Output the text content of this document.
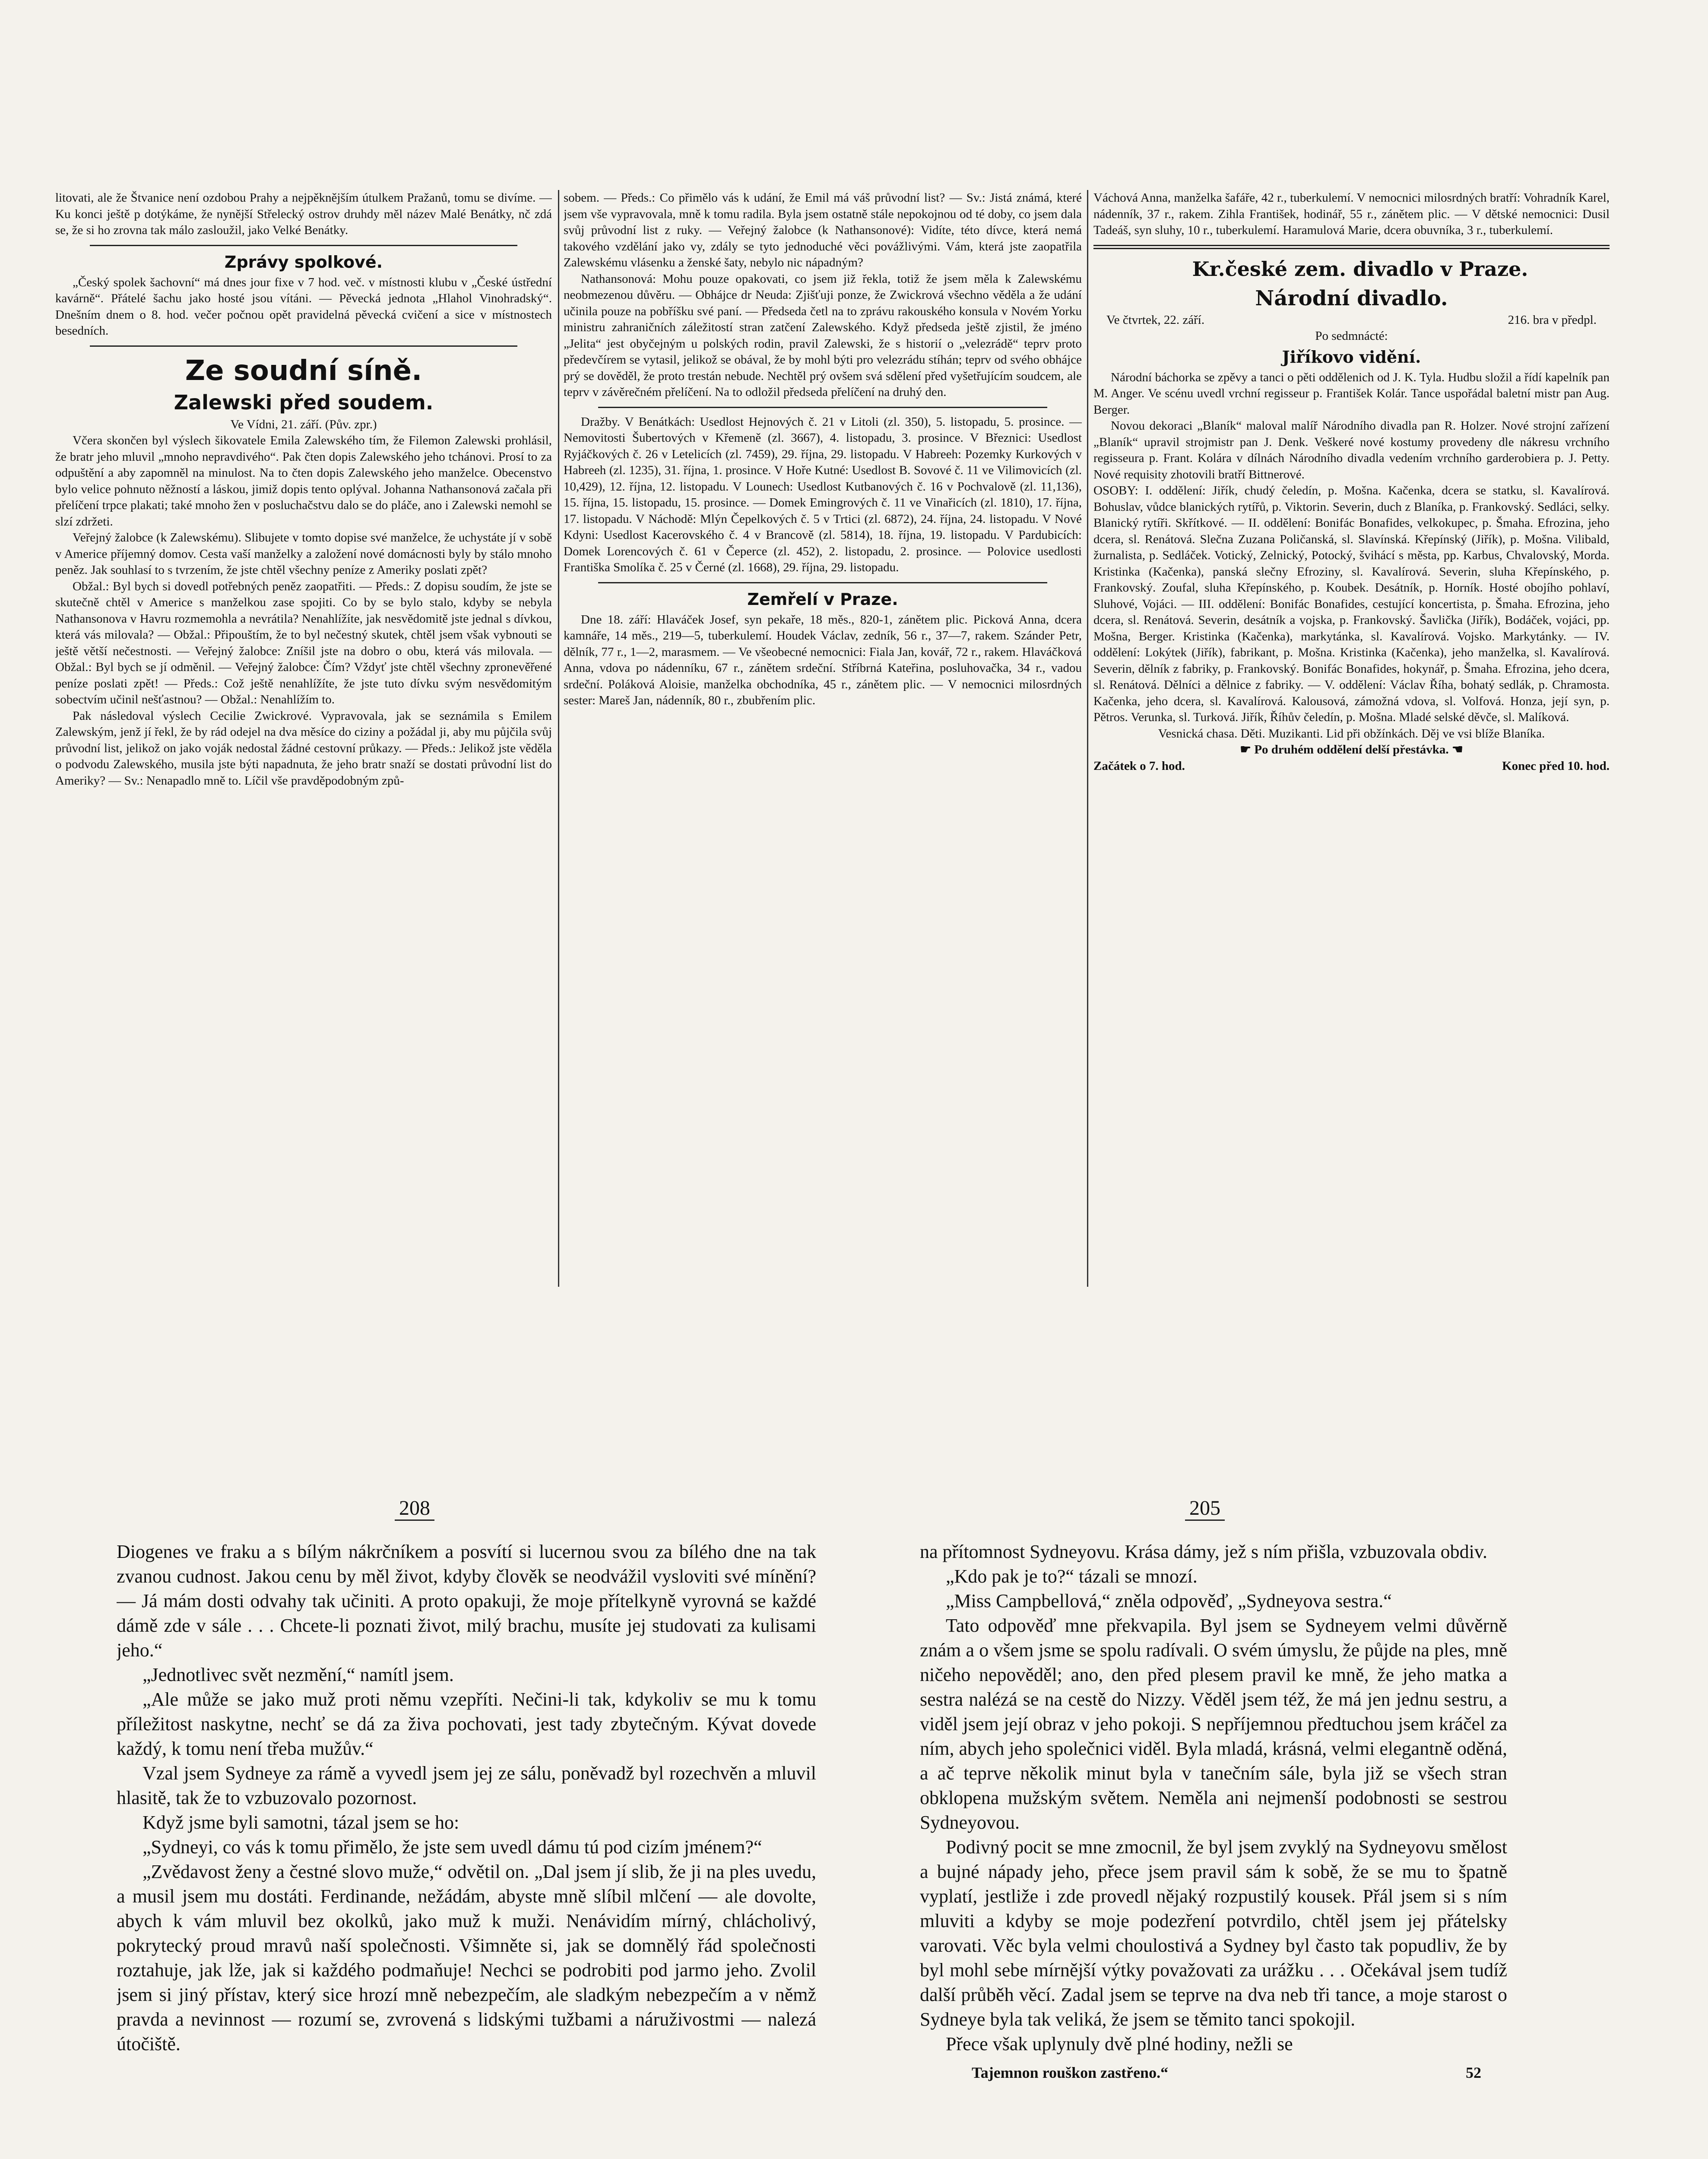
litovati, ale že Štvanice není ozdobou Prahy a nejpěknějším útulkem Pražanů, tomu se divíme. — Ku konci ještě p dotýkáme, že nynější Střelecký ostrov druhdy měl název Malé Benátky, nč zdá se, že si ho zrovna tak málo zasloužil, jako Velké Benátky.

Zprávy spolkové.

„Český spolek šachovní“ má dnes jour fixe v 7 hod. več. v místnosti klubu v „České ústřední kavárně“. Přátelé šachu jako hosté jsou vítáni. — Pěvecká jednota „Hlahol Vinohradský“. Dnešním dnem o 8. hod. večer počnou opět pravidelná pěvecká cvičení a sice v místnostech besedních.

Ze soudní síně.
Zalewski před soudem.

Ve Vídni, 21. září. (Pův. zpr.)

Včera skončen byl výslech šikovatele Emila Zalewského tím, že Filemon Zalewski prohlásil, že bratr jeho mluvil „mnoho nepravdivého“. Pak čten dopis Zalewského jeho tchánovi. Prosí to za odpuštění a aby zapomněl na minulost. Na to čten dopis Zalewského jeho manželce. Obecenstvo bylo velice pohnuto něžností a láskou, jimiž dopis tento oplýval. Johanna Nathansonová začala při přelíčení trpce plakati; také mnoho žen v posluchačstvu dalo se do pláče, ano i Zalewski nemohl se slzí zdržeti.

Veřejný žalobce (k Zalewskému). Slibujete v tomto dopise své manželce, že uchystáte jí v sobě v Americe příjemný domov. Cesta vaší manželky a založení nové domácnosti byly by stálo mnoho peněz. Jak souhlasí to s tvrzením, že jste chtěl všechny peníze z Ameriky poslati zpět?

Obžal.: Byl bych si dovedl potřebných peněz zaopatřiti. — Předs.: Z dopisu soudím, že jste se skutečně chtěl v Americe s manželkou zase spojiti. Co by se bylo stalo, kdyby se nebyla Nathansonova v Havru rozmemohla a nevrátila? Nenahlížíte, jak nesvědomitě jste jednal s dívkou, která vás milovala? — Obžal.: Připouštím, že to byl nečestný skutek, chtěl jsem však vybnouti se ještě větší nečestnosti. — Veřejný žalobce: Zníšil jste na dobro o obu, která vás milovala. — Obžal.: Byl bych se jí odměnil. — Veřejný žalobce: Čím? Vždyť jste chtěl všechny zpronevěřené peníze poslati zpět! — Předs.: Což ještě nenahlížíte, že jste tuto dívku svým nesvědomitým sobectvím učinil nešťastnou? — Obžal.: Nenahlížím to.

Pak následoval výslech Cecilie Zwickrové. Vypravovala, jak se seznámila s Emilem Zalewským, jenž jí řekl, že by rád odejel na dva měsíce do ciziny a požádal ji, aby mu půjčila svůj průvodní list, jelikož on jako voják nedostal žádné cestovní průkazy. — Předs.: Jelikož jste věděla o podvodu Zalewského, musila jste býti napadnuta, že jeho bratr snaží se dostati průvodní list do Ameriky? — Sv.: Nenapadlo mně to. Líčil vše pravděpodobným způ-

sobem. — Předs.: Co přimělo vás k udání, že Emil má váš průvodní list? — Sv.: Jistá známá, které jsem vše vypravovala, mně k tomu radila. Byla jsem ostatně stále nepokojnou od té doby, co jsem dala svůj průvodní list z ruky. — Veřejný žalobce (k Nathansonové): Vidíte, této dívce, která nemá takového vzdělání jako vy, zdály se tyto jednoduché věci povážlivými. Vám, která jste zaopatřila Zalewskému vlásenku a ženské šaty, nebylo nic nápadným?

Nathansonová: Mohu pouze opakovati, co jsem již řekla, totiž že jsem měla k Zalewskému neobmezenou důvěru. — Obhájce dr Neuda: Zjišťuji ponze, že Zwickrová všechno věděla a že udání učinila pouze na pobříšku své paní. — Předseda četl na to zprávu rakouského konsula v Novém Yorku ministru zahraničních záležitostí stran zatčení Zalewského. Když předseda ještě zjistil, že jméno „Jelita“ jest obyčejným u polských rodin, pravil Zalewski, že s historií o „velezrádě“ teprv proto předevčírem se vytasil, jelikož se obával, že by mohl býti pro velezrádu stíhán; teprv od svého obhájce prý se dověděl, že proto trestán nebude. Nechtěl prý ovšem svá sdělení před vyšetřujícím soudcem, ale teprv v závěrečném přelíčení. Na to odložil předseda přelíčení na druhý den.

Dražby. V Benátkách: Usedlost Hejnových č. 21 v Litoli (zl. 350), 5. listopadu, 5. prosince. — Nemovitosti Šubertových v Křemeně (zl. 3667), 4. listopadu, 3. prosince. V Březnici: Usedlost Ryjáčkových č. 26 v Letelicích (zl. 7459), 29. října, 29. listopadu. V Habreeh: Pozemky Kurkových v Habreeh (zl. 1235), 31. října, 1. prosince. V Hoře Kutné: Usedlost B. Sovové č. 11 ve Vilimovicích (zl. 10,429), 12. října, 12. listopadu. V Lounech: Usedlost Kutbanových č. 16 v Pochvalově (zl. 11,136), 15. října, 15. listopadu, 15. prosince. — Domek Emingrových č. 11 ve Vinařicích (zl. 1810), 17. října, 17. listopadu. V Náchodě: Mlýn Čepelkových č. 5 v Trtici (zl. 6872), 24. října, 24. listopadu. V Nové Kdyni: Usedlost Kacerovského č. 4 v Brancově (zl. 5814), 18. října, 19. listopadu. V Pardubicích: Domek Lorencových č. 61 v Čeperce (zl. 452), 2. listopadu, 2. prosince. — Polovice usedlosti Františka Smolíka č. 25 v Černé (zl. 1668), 29. října, 29. listopadu.

Zemřelí v Praze.

Dne 18. září: Hlaváček Josef, syn pekaře, 18 měs., 820-1, zánětem plic. Picková Anna, dcera kamnáře, 14 měs., 219—5, tuberkulemí. Houdek Václav, zedník, 56 r., 37—7, rakem. Szánder Petr, dělník, 77 r., 1—2, marasmem. — Ve všeobecné nemocnici: Fiala Jan, kovář, 72 r., rakem. Hlaváčková Anna, vdova po nádenníku, 67 r., zánětem srdeční. Stříbrná Kateřina, posluhovačka, 34 r., vadou srdeční. Poláková Aloisie, manželka obchodníka, 45 r., zánětem plic. — V nemocnici milosrdných sester: Mareš Jan, nádenník, 80 r., zbubřením plic.

Váchová Anna, manželka šafáře, 42 r., tuberkulemí. V nemocnici milosrdných bratří: Vohradník Karel, nádenník, 37 r., rakem. Zihla František, hodinář, 55 r., zánětem plic. — V dětské nemocnici: Dusil Tadeáš, syn sluhy, 10 r., tuberkulemí. Haramulová Marie, dcera obuvníka, 3 r., tuberkulemí.

Kr.české zem. divadlo v Praze.

Národní divadlo.
Ve čtvrtek, 22. září.	216. bra v předpl.

Po sedmnácté:

Jiříkovo vidění.

Národní báchorka se zpěvy a tanci o pěti oddělenich od J. K. Tyla. Hudbu složil a řídí kapelník pan M. Anger. Ve scénu uvedl vrchní regisseur p. František Kolár. Tance uspořádal baletní mistr pan Aug. Berger.

Novou dekoraci „Blaník“ maloval malíř Národního divadla pan R. Holzer. Nové strojní zařízení „Blaník“ upravil strojmistr pan J. Denk. Veškeré nové kostumy provedeny dle nákresu vrchního regisseura p. Frant. Kolára v dílnách Národního divadla vedením vrchního garderobiera p. J. Petty. Nové requisity zhotovili bratří Bittnerové.

OSOBY: I. oddělení: Jiřík, chudý čeledín, p. Mošna. Kačenka, dcera se statku, sl. Kavalírová. Bohuslav, vůdce blanických rytířů, p. Viktorin. Severin, duch z Blaníka, p. Frankovský. Sedláci, selky. Blanický rytíři. Skřítkové. — II. oddělení: Bonifác Bonafides, velkokupec, p. Šmaha. Efrozina, jeho dcera, sl. Renátová. Slečna Zuzana Poličanská, sl. Slavínská. Křepínský (Jiřík), p. Mošna. Vilibald, žurnalista, p. Sedláček. Votický, Zelnický, Potocký, švihácí s města, pp. Karbus, Chvalovský, Morda. Kristinka (Kačenka), panská slečny Efroziny, sl. Kavalírová. Severin, sluha Křepínského, p. Frankovský. Zoufal, sluha Křepínského, p. Koubek. Desátník, p. Horník. Hosté obojího pohlaví, Sluhové, Vojáci. — III. oddělení: Bonifác Bonafides, cestující koncertista, p. Šmaha. Efrozina, jeho dcera, sl. Renátová. Severin, desátník a vojska, p. Frankovský. Šavlička (Jiřík), Bodáček, vojáci, pp. Mošna, Berger. Kristinka (Kačenka), markytánka, sl. Kavalírová. Vojsko. Markytánky. — IV. oddělení: Lokýtek (Jiřík), fabrikant, p. Mošna. Kristinka (Kačenka), jeho manželka, sl. Kavalírová. Severin, dělník z fabriky, p. Frankovský. Bonifác Bonafides, hokynář, p. Šmaha. Efrozina, jeho dcera, sl. Renátová. Dělníci a dělnice z fabriky. — V. oddělení: Václav Říha, bohatý sedlák, p. Chramosta. Kačenka, jeho dcera, sl. Kavalírová. Kalousová, zámožná vdova, sl. Volfová. Honza, její syn, p. Pětros. Verunka, sl. Turková. Jiřík, Říhův čeledín, p. Mošna. Mladé selské děvče, sl. Malíková.

Vesnická chasa. Děti. Muzikanti. Lid při obžínkách. Děj ve vsi blíže Blaníka.

☛ Po druhém oddělení delší přestávka. ☚

Začátek o 7. hod.	Konec před 10. hod.
208	205

Diogenes ve fraku a s bílým nákrčníkem a posvítí si lucernou svou za bílého dne na tak zvanou cudnost. Jakou cenu by měl život, kdyby člověk se neodvážil vysloviti své mínění? — Já mám dosti odvahy tak učiniti. A proto opakuji, že moje přítelkyně vyrovná se každé dámě zde v sále . . . Chcete-li poznati život, milý brachu, musíte jej studovati za kulisami jeho.“

„Jednotlivec svět nezmění,“ namítl jsem.

„Ale může se jako muž proti němu vzepříti. Nečini-li tak, kdykoliv se mu k tomu příležitost naskytne, nechť se dá za živa pochovati, jest tady zbytečným. Kývat dovede každý, k tomu není třeba mužův.“

Vzal jsem Sydneye za rámě a vyvedl jsem jej ze sálu, poněvadž byl rozechvěn a mluvil hlasitě, tak že to vzbuzovalo pozornost.

Když jsme byli samotni, tázal jsem se ho:

„Sydneyi, co vás k tomu přimělo, že jste sem uvedl dámu tú pod cizím jménem?“

„Zvědavost ženy a čestné slovo muže,“ odvětil on. „Dal jsem jí slib, že ji na ples uvedu, a musil jsem mu dostáti. Ferdinande, nežádám, abyste mně slíbil mlčení — ale dovolte, abych k vám mluvil bez okolků, jako muž k muži. Nenávidím mírný, chlácholivý, pokrytecký proud mravů naší společnosti. Všimněte si, jak se domnělý řád společnosti roztahuje, jak lže, jak si každého podmaňuje! Nechci se podrobiti pod jarmo jeho. Zvolil jsem si jiný přístav, který sice hrozí mně nebezpečím, ale sladkým nebezpečím a v němž pravda a nevinnost — rozumí se, zvrovená s lidskými tužbami a náruživostmi — nalezá útočiště.

na přítomnost Sydneyovu. Krása dámy, jež s ním přišla, vzbuzovala obdiv.

„Kdo pak je to?“ tázali se mnozí.

„Miss Campbellová,“ zněla odpověď, „Sydneyova sestra.“

Tato odpověď mne překvapila. Byl jsem se Sydneyem velmi důvěrně znám a o všem jsme se spolu radívali. O svém úmyslu, že půjde na ples, mně ničeho nepověděl; ano, den před plesem pravil ke mně, že jeho matka a sestra nalézá se na cestě do Nizzy. Věděl jsem též, že má jen jednu sestru, a viděl jsem její obraz v jeho pokoji. S nepříjemnou předtuchou jsem kráčel za ním, abych jeho společnici viděl. Byla mladá, krásná, velmi elegantně oděná, a ač teprve několik minut byla v tanečním sále, byla již se všech stran obklopena mužským světem. Neměla ani nejmenší podobnosti se sestrou Sydneyovou.

Podivný pocit se mne zmocnil, že byl jsem zvyklý na Sydneyovu smělost a bujné nápady jeho, přece jsem pravil sám k sobě, že se mu to špatně vyplatí, jestliže i zde provedl nějaký rozpustilý kousek. Přál jsem si s ním mluviti a kdyby se moje podezření potvrdilo, chtěl jsem jej přátelsky varovati. Věc byla velmi choulostivá a Sydney byl často tak popudliv, že by byl mohl sebe mírnější výtky považovati za urážku . . . Očekával jsem tudíž další průběh věcí. Zadal jsem se teprve na dva neb tři tance, a moje starost o Sydneye byla tak veliká, že jsem se těmito tanci spokojil.

Přece však uplynuly dvě plné hodiny, nežli se

Tajemnon rouškon zastřeno.“	52
